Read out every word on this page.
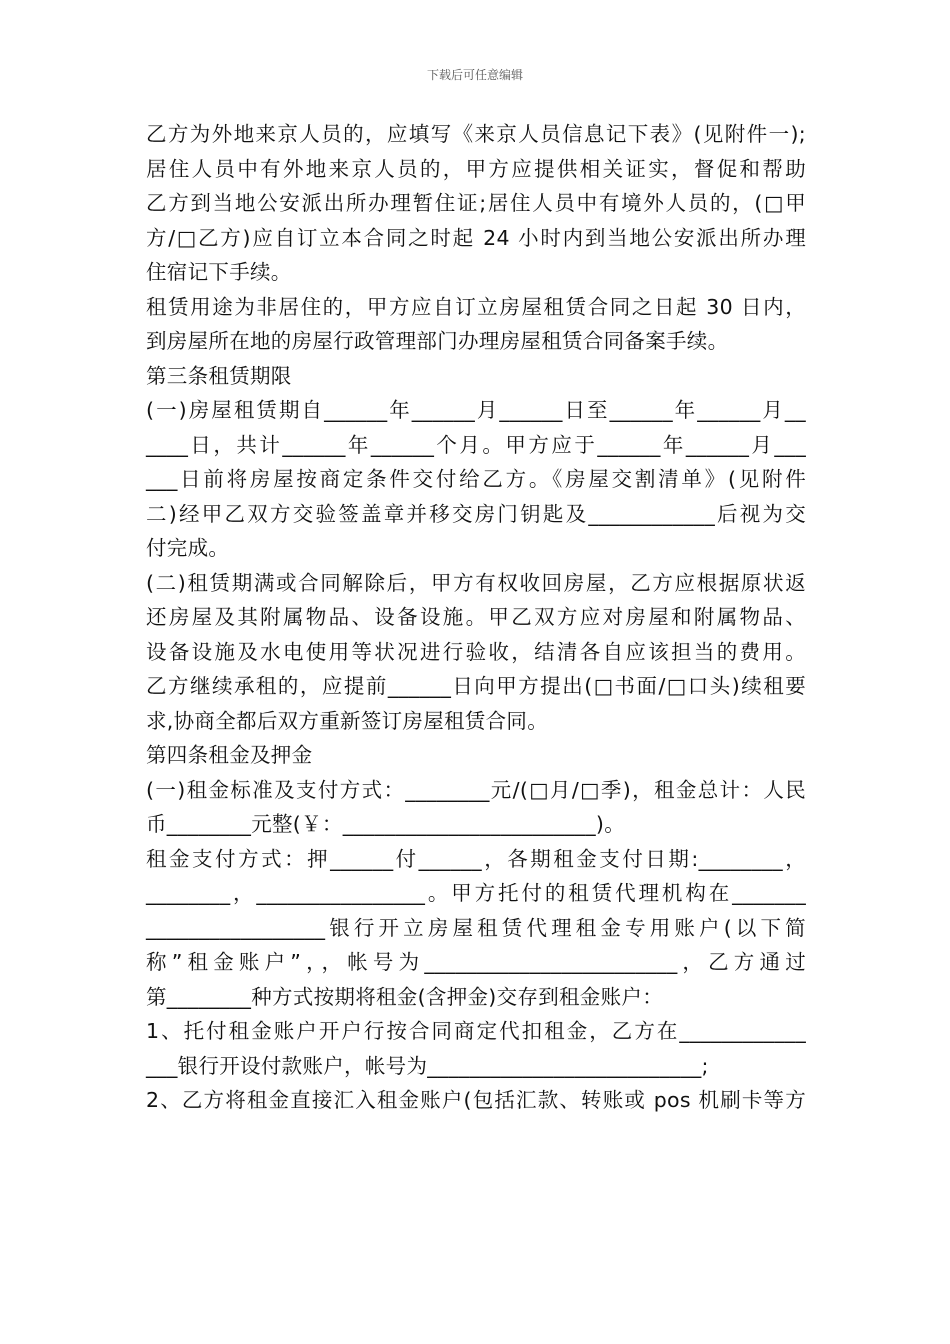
下载后可任意编辑
乙方为外地来京人员的，应填写《来京人员信息记下表》(见附件一);
居住人员中有外地来京人员的，甲方应提供相关证实，督促和帮助
乙方到当地公安派出所办理暂住证;居住人员中有境外人员的，(□甲
方/□乙方)应自订立本合同之时起 24 小时内到当地公安派出所办理
住宿记下手续。
租赁用途为非居住的，甲方应自订立房屋租赁合同之日起 30 日内，
到房屋所在地的房屋行政管理部门办理房屋租赁合同备案手续。
第三条租赁期限
(一)房屋租赁期自______年______月______日至______年______月__
____日，共计______年______个月。甲方应于______年______月___
___日前将房屋按商定条件交付给乙方。《房屋交割清单》(见附件
二)经甲乙双方交验签盖章并移交房门钥匙及____________后视为交
付完成。
(二)租赁期满或合同解除后，甲方有权收回房屋，乙方应根据原状返
还房屋及其附属物品、设备设施。甲乙双方应对房屋和附属物品、
设备设施及水电使用等状况进行验收，结清各自应该担当的费用。
乙方继续承租的，应提前______日向甲方提出(□书面/□口头)续租要
求,协商全都后双方重新签订房屋租赁合同。
第四条租金及押金
(一)租金标准及支付方式：________元/(□月/□季)，租金总计：人民
币________元整(￥：________________________)。
租金支付方式：押______付______，各期租金支付日期:________，
________，________________。甲方托付的租赁代理机构在_______
_________________银行开立房屋租赁代理租金专用账户(以下简
称”租金账户”，，帐号为________________________，乙方通过
第________种方式按期将租金(含押金)交存到租金账户：
1、托付租金账户开户行按合同商定代扣租金，乙方在____________
___银行开设付款账户，帐号为__________________________;
2、乙方将租金直接汇入租金账户(包括汇款、转账或 pos 机刷卡等方
